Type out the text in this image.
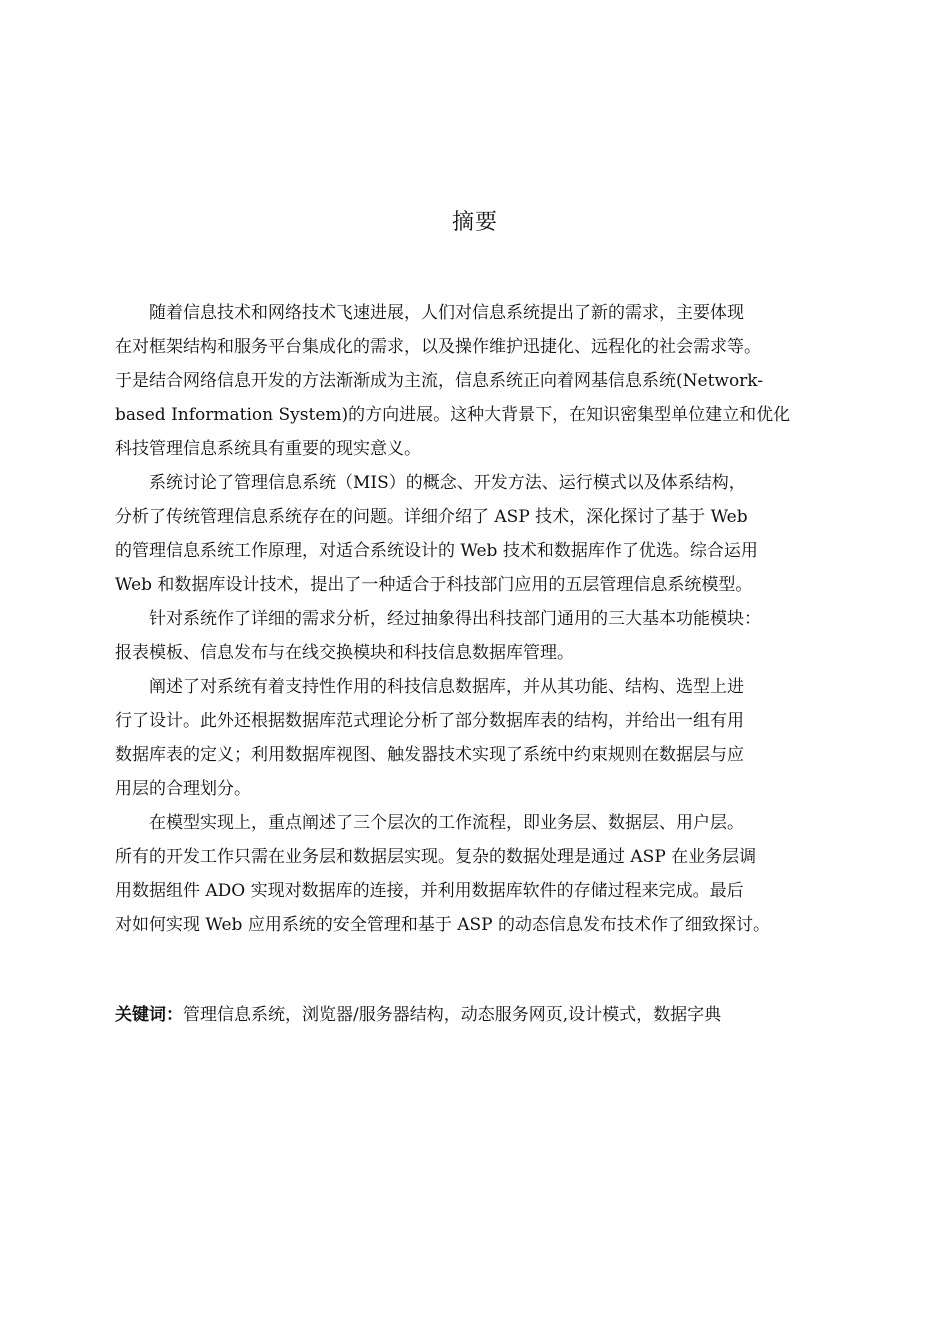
摘要

随着信息技术和网络技术飞速进展，人们对信息系统提出了新的需求，主要体现
在对框架结构和服务平台集成化的需求，以及操作维护迅捷化、远程化的社会需求等。
于是结合网络信息开发的方法渐渐成为主流，信息系统正向着网基信息系统(Network-
based Information System)的方向进展。这种大背景下，在知识密集型单位建立和优化
科技管理信息系统具有重要的现实意义。

系统讨论了管理信息系统（MIS）的概念、开发方法、运行模式以及体系结构，
分析了传统管理信息系统存在的问题。详细介绍了 ASP 技术，深化探讨了基于 Web
的管理信息系统工作原理，对适合系统设计的 Web 技术和数据库作了优选。综合运用
Web 和数据库设计技术，提出了一种适合于科技部门应用的五层管理信息系统模型。

针对系统作了详细的需求分析，经过抽象得出科技部门通用的三大基本功能模块：
报表模板、信息发布与在线交换模块和科技信息数据库管理。

阐述了对系统有着支持性作用的科技信息数据库，并从其功能、结构、选型上进
行了设计。此外还根据数据库范式理论分析了部分数据库表的结构，并给出一组有用
数据库表的定义；利用数据库视图、触发器技术实现了系统中约束规则在数据层与应
用层的合理划分。

在模型实现上，重点阐述了三个层次的工作流程，即业务层、数据层、用户层。
所有的开发工作只需在业务层和数据层实现。复杂的数据处理是通过 ASP 在业务层调
用数据组件 ADO 实现对数据库的连接，并利用数据库软件的存储过程来完成。最后
对如何实现 Web 应用系统的安全管理和基于 ASP 的动态信息发布技术作了细致探讨。

关键词：管理信息系统，浏览器/服务器结构，动态服务网页,设计模式，数据字典
